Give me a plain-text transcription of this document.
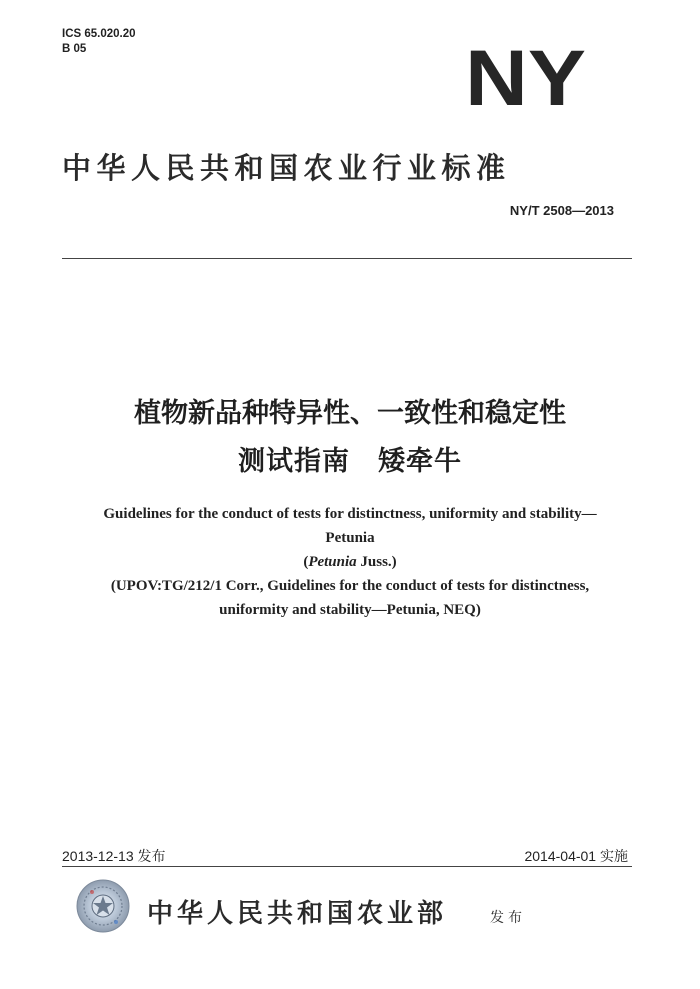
ICS 65.020.20
B 05	NY
中华人民共和国农业行业标准
NY/T 2508—2013
植物新品种特异性、一致性和稳定性
测试指南　矮牵牛
Guidelines for the conduct of tests for distinctness, uniformity and stability—
Petunia
(Petunia Juss.)
(UPOV:TG/212/1 Corr., Guidelines for the conduct of tests for distinctness,
uniformity and stability—Petunia, NEQ)
2013-12-13 发布	2014-04-01 实施
中华人民共和国农业部	发布
